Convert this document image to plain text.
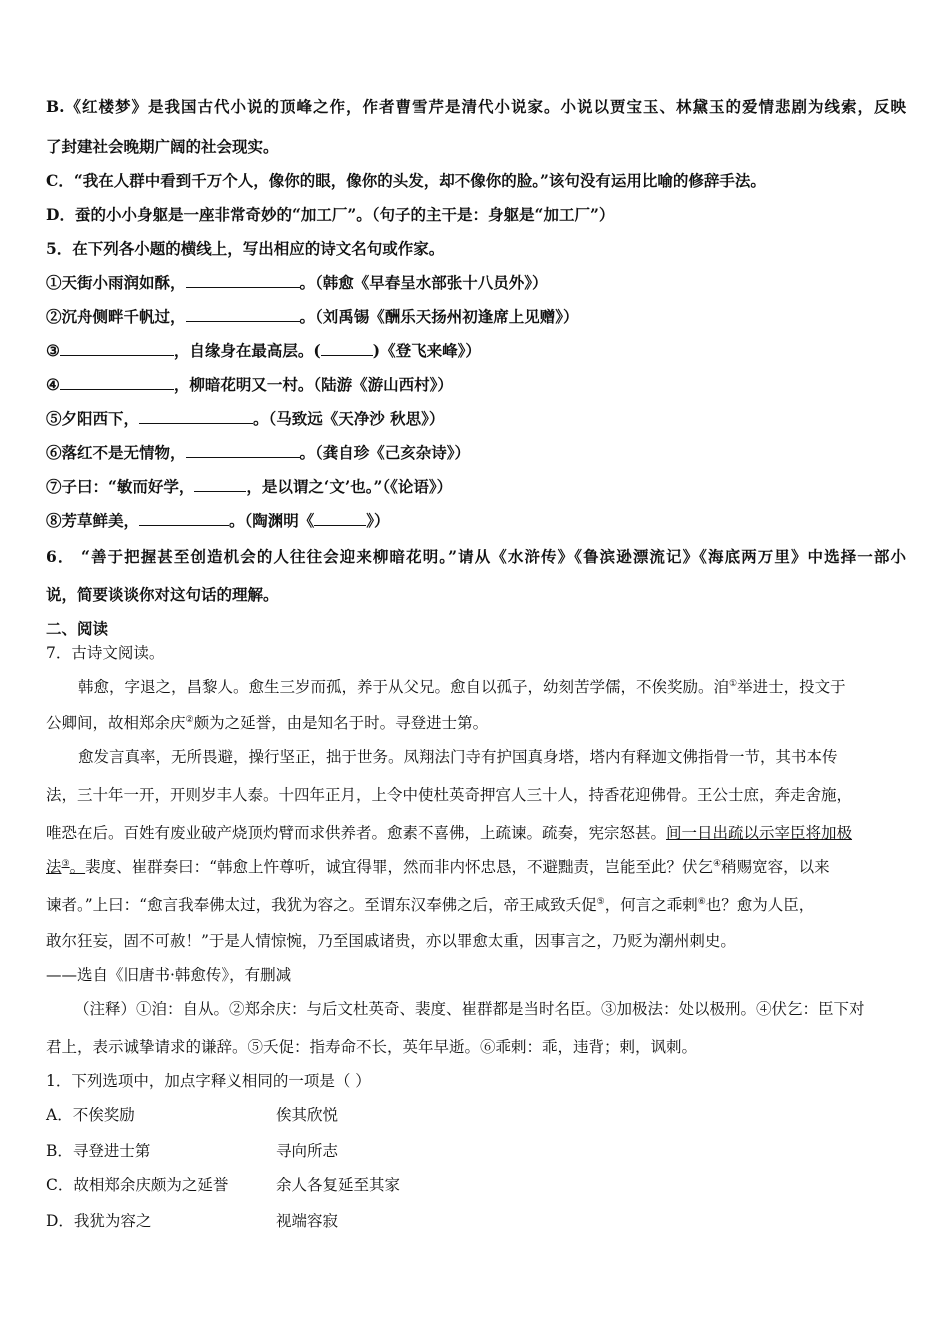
B.《红楼梦》是我国古代小说的顶峰之作，作者曹雪芹是清代小说家。小说以贾宝玉、林黛玉的爱情悲剧为线索，反映
了封建社会晚期广阔的社会现实。
C．“我在人群中看到千万个人，像你的眼，像你的头发，却不像你的脸。”该句没有运用比喻的修辞手法。
D．蚕的小小身躯是一座非常奇妙的“加工厂”。（句子的主干是：身躯是“加工厂”）
5．在下列各小题的横线上，写出相应的诗文名句或作家。
①天街小雨润如酥，	。（韩愈《早春呈水部张十八员外》）
②沉舟侧畔千帆过，	。（刘禹锡《酬乐天扬州初逢席上见赠》）
③	，自缘身在最高层。(	)《登飞来峰》）
④	，柳暗花明又一村。（陆游《游山西村》）
⑤夕阳西下，	。（马致远《天净沙 秋思》）
⑥落红不是无情物，	。（龚自珍《己亥杂诗》）
⑦子曰：“敏而好学，	，是以谓之‘文’也。”（《论语》）
⑧芳草鲜美，	。（陶渊明《	》）
6． “善于把握甚至创造机会的人往往会迎来柳暗花明。”请从《水浒传》《鲁滨逊漂流记》《海底两万里》中选择一部小
说，简要谈谈你对这句话的理解。
二、阅读
7．古诗文阅读。
韩愈，字退之，昌黎人。愈生三岁而孤，养于从父兄。愈自以孤子，幼刻苦学儒，不俟奖励。洎①举进士，投文于
公卿间，故相郑余庆②颇为之延誉，由是知名于时。寻登进士第。
愈发言真率，无所畏避，操行坚正，拙于世务。凤翔法门寺有护国真身塔，塔内有释迦文佛指骨一节，其书本传
法，三十年一开，开则岁丰人泰。十四年正月，上令中使杜英奇押宫人三十人，持香花迎佛骨。王公士庶，奔走舍施，
唯恐在后。百姓有废业破产烧顶灼臂而求供养者。愈素不喜佛，上疏谏。疏奏，宪宗怒甚。间一日出疏以示宰臣将加极
法③。裴度、崔群奏曰：“韩愈上忤尊听，诚宜得罪，然而非内怀忠恳，不避黜责，岂能至此？伏乞④稍赐宽容，以来
谏者。”上曰：“愈言我奉佛太过，我犹为容之。至谓东汉奉佛之后，帝王咸致夭促⑤，何言之乖剌⑥也？愈为人臣，
敢尔狂妄，固不可赦！”于是人情惊惋，乃至国戚诸贵，亦以罪愈太重，因事言之，乃贬为潮州刺史。
——选自《旧唐书·韩愈传》，有删减
（注释）①洎：自从。②郑余庆：与后文杜英奇、裴度、崔群都是当时名臣。③加极法：处以极刑。④伏乞：臣下对
君上，表示诚挚请求的谦辞。⑤夭促：指寿命不长，英年早逝。⑥乖剌：乖，违背；剌，讽刺。
1．下列选项中，加点字释义相同的一项是（ ）
A．不俟奖励	俟其欣悦
B．寻登进士第	寻向所志
C．故相郑余庆颇为之延誉	余人各复延至其家
D．我犹为容之	视端容寂
